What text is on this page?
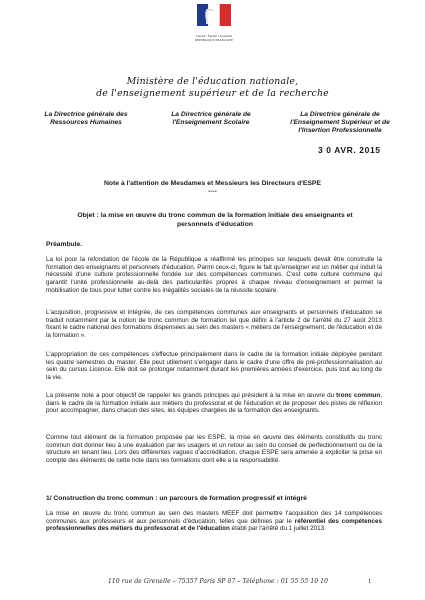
Liberté • Égalité • Fraternité
RÉPUBLIQUE FRANÇAISE
Ministère de l'éducation nationale,
de l'enseignement supérieur et de la recherche
La Directrice générale des Ressources Humaines
La Directrice générale de l'Enseignement Scolaire
La Directrice générale de l'Enseignement Supérieur et de l'Insertion Professionnelle
3 0 AVR. 2015
Note à l'attention de Mesdames et Messieurs les Directeurs d'ESPE
----
Objet : la mise en œuvre du tronc commun de la formation initiale des enseignants et personnels d'éducation
Préambule.
La loi pour la refondation de l'école de la République a réaffirmé les principes sur lesquels devait être construite la formation des enseignants et personnels d'éducation. Parmi ceux-ci, figure le fait qu'enseigner est un métier qui induit la nécessité d'une culture professionnelle fondée sur des compétences communes. C'est cette culture commune qui garantit l'unité professionnelle au-delà des particularités propres à chaque niveau d'enseignement et permet la mobilisation de tous pour lutter contre les inégalités sociales de la réussite scolaire.
L'acquisition, progressive et intégrée, de ces compétences communes aux enseignants et personnels d'éducation se traduit notamment par la notion de tronc commun de formation tel que défini à l'article 2 de l'arrêté du 27 août 2013 fixant le cadre national des formations dispensées au sein des masters « métiers de l'enseignement, de l'éducation et de la formation ».
L'appropriation de ces compétences s'effectue principalement dans le cadre de la formation initiale déployée pendant les quatre semestres du master. Elle peut utilement s'engager dans le cadre d'une offre de pré-professionnalisation au sein du cursus Licence. Elle doit se prolonger notamment durant les premières années d'exercice, puis tout au long de la vie.
La présente note a pour objectif de rappeler les grands principes qui président à la mise en œuvre du tronc commun, dans le cadre de la formation initiale aux métiers du professorat et de l'éducation et de proposer des pistes de réflexion pour accompagner, dans chacun des sites, les équipes chargées de la formation des enseignants.
Comme tout élément de la formation proposée par les ESPE, la mise en œuvre des éléments constitutifs du tronc commun doit donner lieu à une évaluation par les usagers et un retour au sein du conseil de perfectionnement ou de la structure en tenant lieu. Lors des différentes vagues d'accréditation, chaque ESPE sera amenée à expliciter la prise en compte des éléments de cette note dans les formations dont elle a la responsabilité.
1/ Construction du tronc commun : un parcours de formation progressif et intégré
La mise en œuvre du tronc commun au sein des masters MEEF doit permettre l'acquisition des 14 compétences communes aux professeurs et aux personnels d'éducation, telles que définies par le référentiel des compétences professionnelles des métiers du professorat et de l'éducation établi par l'arrêté du 1 juillet 2013.
110 rue de Grenelle – 75357 Paris SP 07 – Téléphone : 01 55 55 10 10	1
